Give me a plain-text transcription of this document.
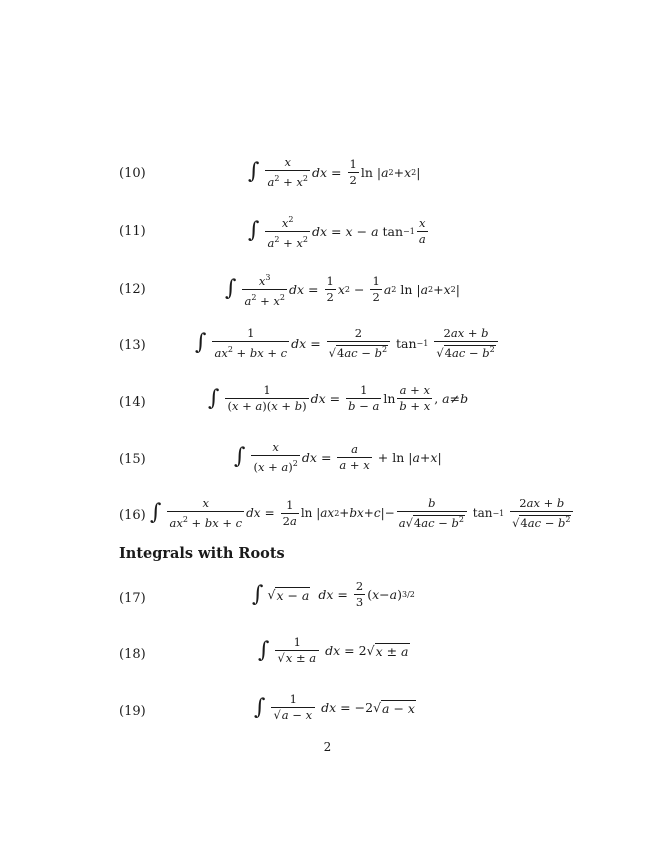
(10)	∫ $\frac{x}{a^2 + x^2}$ dx = $\frac{1}{2}$ ln | a 2 + x 2 |
(11)	∫ $\frac{x^2}{a^2 + x^2}$ dx = x − a $\tan -1 \frac{x}{a}$
(12)	∫ $\frac{x^3}{a^2 + x^2}$ dx = $\frac{1}{2}$ x $2 - \frac{1}{2}$ a 2 ln | a 2 + x 2 |
(13) ∫ $\frac{1}{ax^2 + bx + c}$ dx = $\frac{2}{√4ac - b^2}$ tan −1
$\frac{2ax + b}{√4ac - b^2}$
(14)	∫ $\frac{1}{(x + a)(x + b)}$ dx = $\frac{1}{b - a}$ $\ln \frac{a + x}{b + x}$ , a ≠ b
(15)	∫ $\frac{x}{(x + a)^2}$ dx = $\frac{a}{a + x} + \ln$ | a + x |
(16) ∫ $\frac{x}{ax^2 + bx + c}$ dx = $\frac{1}{2a}$ ln | ax 2 + bx + c |− $\frac{b}{a√4ac - b^2}$ tan −1
$\frac{2ax + b}{√4ac - b^2}$
Integrals with Roots
(17)	∫ √ x − a
dx = $\frac{2}{3}$ ( x − a ) 3/2
(18)	∫ $\frac{1}{√x \pm a}$
dx = 2√ x ± a
(19)	∫ $\frac{1}{√a - x}$
dx = −2√ a − x
2
